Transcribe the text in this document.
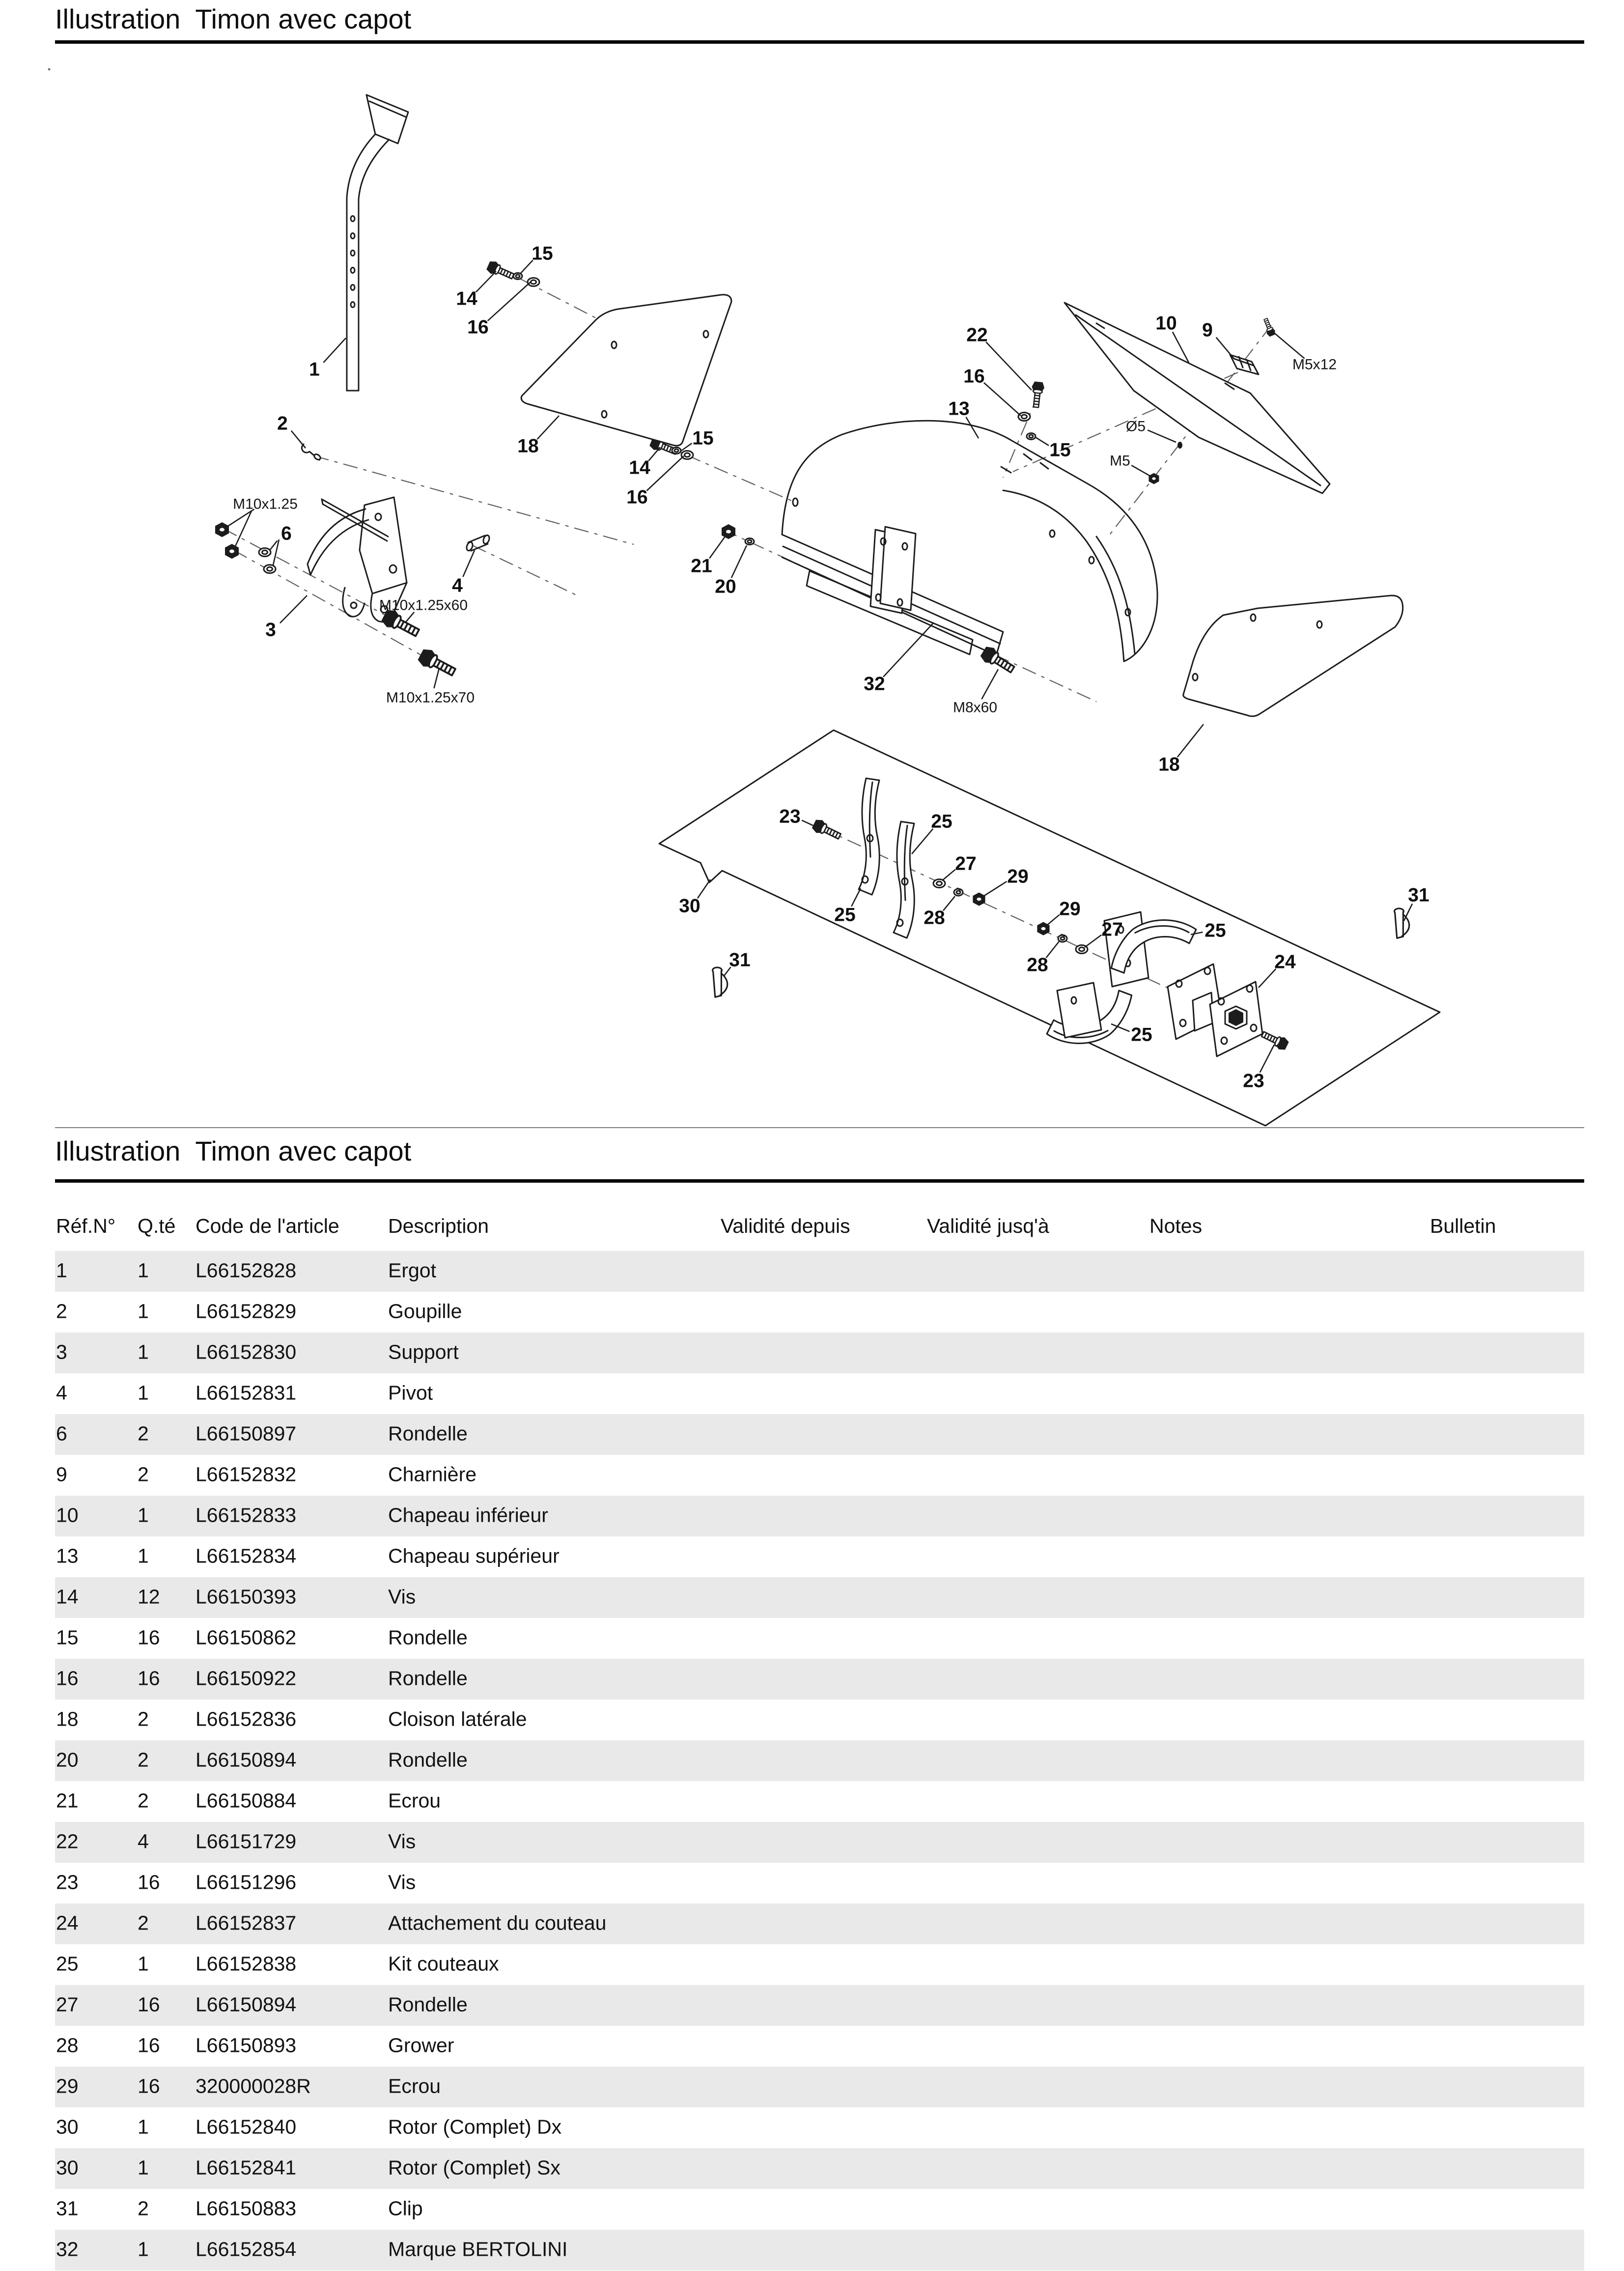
Illustration  Timon avec capot
1
2
3
4
6
M10x1.25
M10x1.25x60
M10x1.25x70
14
15
16
18
14
15
16
13
22
16
15
10 9
M5x12
Ø5
M5
21
20
32
M8x60
18
30
23
25
25
27
29
28	29
27
28
25
24
25
23
31
31
Illustration  Timon avec capot
Réf.N° Q.té Code de l'article Description	Validité depuis	Validité jusq'à	Notes	Bulletin
1	1 L66152828	Ergot
2	1 L66152829	Goupille
3	1 L66152830	Support
4	1 L66152831	Pivot
6	2 L66150897	Rondelle
9	2 L66152832	Charnière
10	1 L66152833	Chapeau inférieur
13	1 L66152834	Chapeau supérieur
14	12 L66150393	Vis
15	16 L66150862	Rondelle
16	16 L66150922	Rondelle
18	2 L66152836	Cloison latérale
20	2 L66150894	Rondelle
21	2 L66150884	Ecrou
22	4 L66151729	Vis
23	16 L66151296	Vis
24	2 L66152837	Attachement du couteau
25	1 L66152838	Kit couteaux
27	16 L66150894	Rondelle
28	16 L66150893	Grower
29	16 320000028R	Ecrou
30	1 L66152840	Rotor (Complet) Dx
30	1 L66152841	Rotor (Complet) Sx
31	2 L66150883	Clip
32	1 L66152854	Marque BERTOLINI
